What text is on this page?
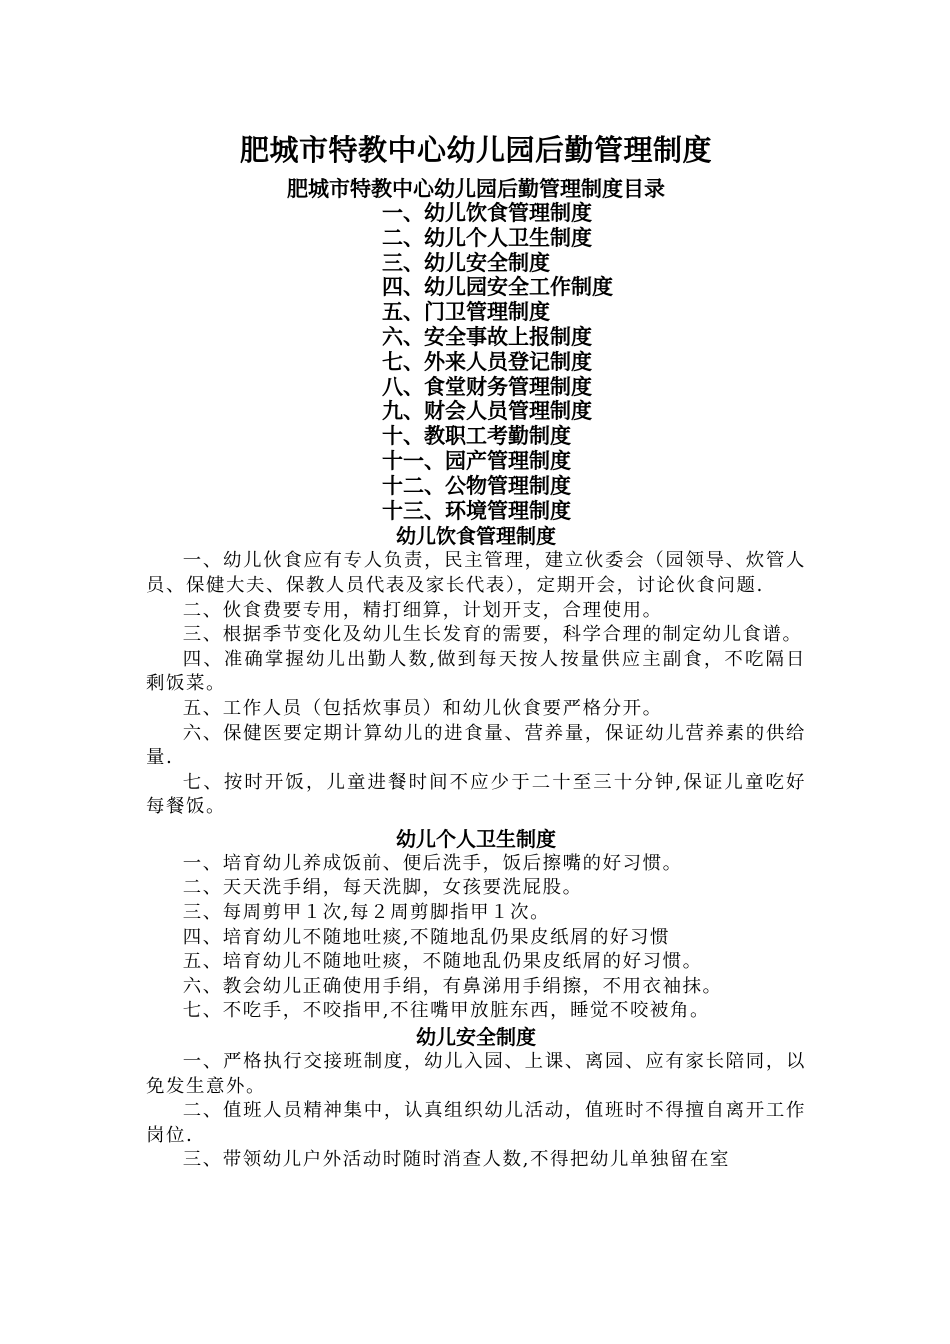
肥城市特教中心幼儿园后勤管理制度
肥城市特教中心幼儿园后勤管理制度目录
一、幼儿饮食管理制度
二、幼儿个人卫生制度
三、幼儿安全制度
四、幼儿园安全工作制度
五、门卫管理制度
六、安全事故上报制度
七、外来人员登记制度
八、食堂财务管理制度
九、财会人员管理制度
十、教职工考勤制度
十一、园产管理制度
十二、公物管理制度
十三、环境管理制度
幼儿饮食管理制度

一、幼儿伙食应有专人负责，民主管理，建立伙委会（园领导、炊管人员、保健大夫、保教人员代表及家长代表），定期开会，讨论伙食问题.

二、伙食费要专用，精打细算，计划开支，合理使用。

三、根据季节变化及幼儿生长发育的需要，科学合理的制定幼儿食谱。

四、准确掌握幼儿出勤人数,做到每天按人按量供应主副食，不吃隔日剩饭菜。

五、工作人员（包括炊事员）和幼儿伙食要严格分开。

六、保健医要定期计算幼儿的进食量、营养量，保证幼儿营养素的供给量.

七、按时开饭，儿童进餐时间不应少于二十至三十分钟,保证儿童吃好每餐饭。

幼儿个人卫生制度

一、培育幼儿养成饭前、便后洗手，饭后擦嘴的好习惯。

二、天天洗手绢，每天洗脚，女孩要洗屁股。

三、每周剪甲１次,每２周剪脚指甲１次。

四、培育幼儿不随地吐痰,不随地乱仍果皮纸屑的好习惯

五、培育幼儿不随地吐痰，不随地乱仍果皮纸屑的好习惯。

六、教会幼儿正确使用手绢，有鼻涕用手绢擦，不用衣袖抹。

七、不吃手，不咬指甲,不往嘴甲放脏东西，睡觉不咬被角。

幼儿安全制度

一、严格执行交接班制度，幼儿入园、上课、离园、应有家长陪同，以免发生意外。

二、值班人员精神集中，认真组织幼儿活动，值班时不得擅自离开工作岗位.

三、带领幼儿户外活动时随时消查人数,不得把幼儿单独留在室
